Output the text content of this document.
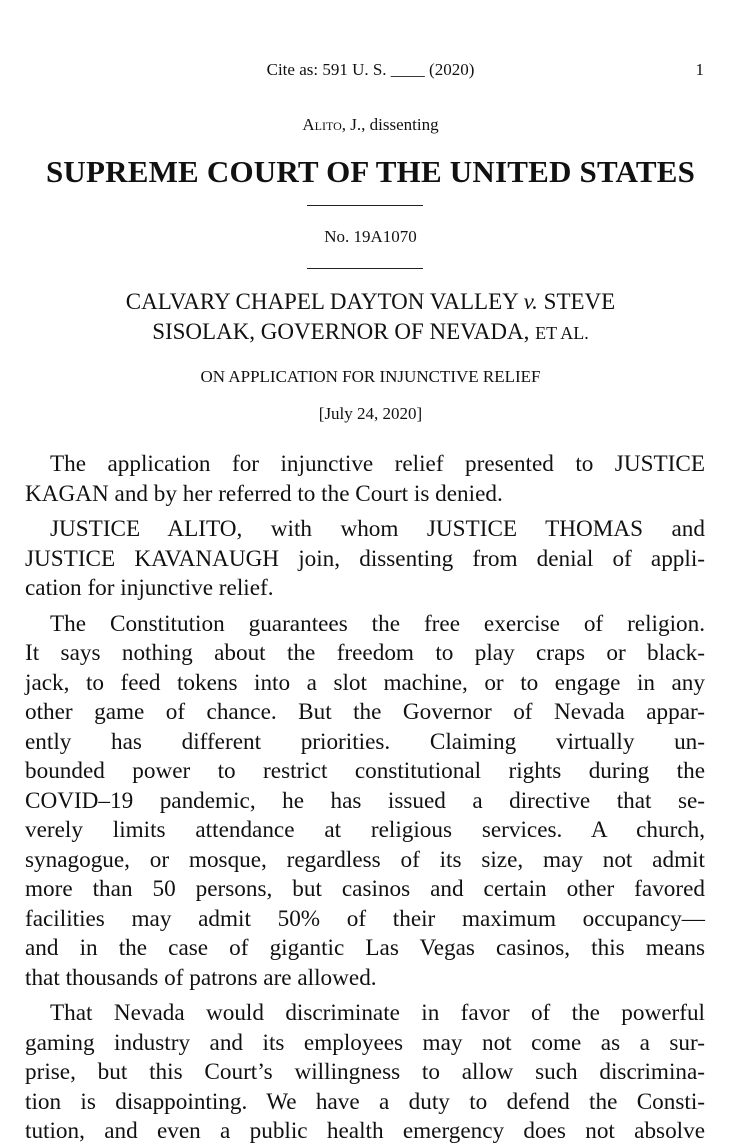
Cite as: 591 U. S. ____ (2020)	1
Alito, J., dissenting
SUPREME COURT OF THE UNITED STATES
No. 19A1070
CALVARY CHAPEL DAYTON VALLEY v. STEVE
SISOLAK, GOVERNOR OF NEVADA, ET AL.
ON APPLICATION FOR INJUNCTIVE RELIEF
[July 24, 2020]
The application for injunctive relief presented to JUSTICE
KAGAN and by her referred to the Court is denied.
JUSTICE ALITO, with whom JUSTICE THOMAS and
JUSTICE KAVANAUGH join, dissenting from denial of appli-
cation for injunctive relief.
The Constitution guarantees the free exercise of religion.
It says nothing about the freedom to play craps or black-
jack, to feed tokens into a slot machine, or to engage in any
other game of chance. But the Governor of Nevada appar-
ently has different priorities. Claiming virtually un-
bounded power to restrict constitutional rights during the
COVID–19 pandemic, he has issued a directive that se-
verely limits attendance at religious services. A church,
synagogue, or mosque, regardless of its size, may not admit
more than 50 persons, but casinos and certain other favored
facilities may admit 50% of their maximum occupancy—
and in the case of gigantic Las Vegas casinos, this means
that thousands of patrons are allowed.
That Nevada would discriminate in favor of the powerful
gaming industry and its employees may not come as a sur-
prise, but this Court’s willingness to allow such discrimina-
tion is disappointing. We have a duty to defend the Consti-
tution, and even a public health emergency does not absolve
